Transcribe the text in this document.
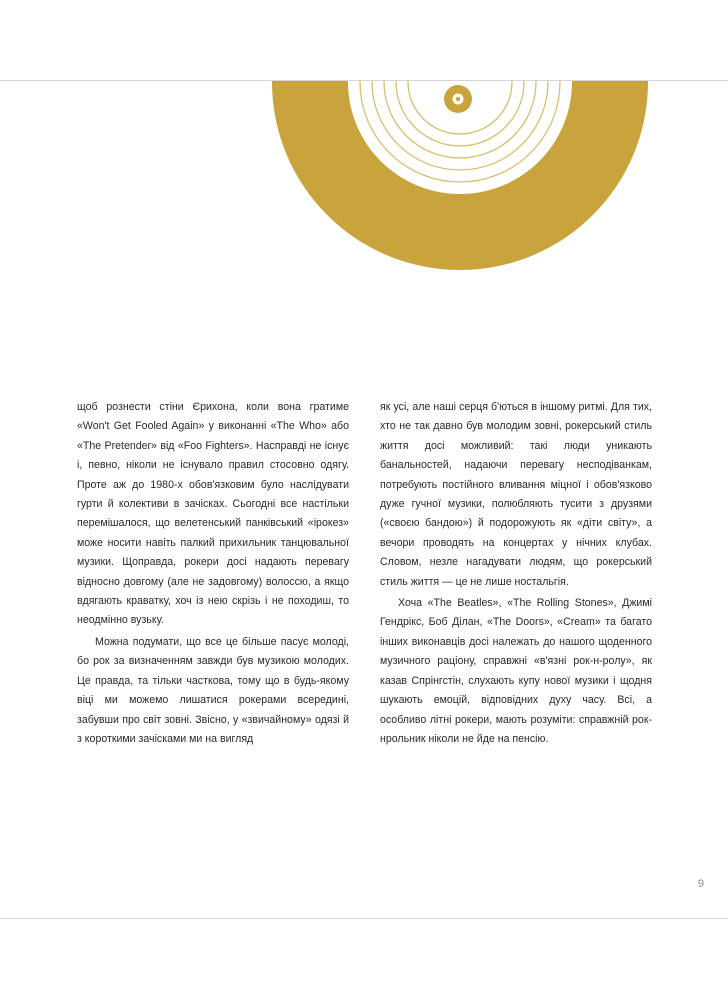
щоб рознести стіни Єрихона, коли вона гратиме «Won't Get Fooled Again» у виконанні «The Who» або «The Pretender» від «Foo Fighters». Насправді не існує і, певно, ніколи не існувало правил стосовно одягу. Проте аж до 1980-х обов'язковим було наслідувати гурти й колективи в зачісках. Сьогодні все настільки перемішалося, що велетенський панківський «ірокез» може носити навіть палкий прихильник танцювальної музики. Щоправда, рокери досі надають перевагу відносно довгому (але не задовгому) волоссю, а якщо вдягають краватку, хоч із нею скрізь і не походиш, то неодмінно вузьку.

Можна подумати, що все це більше пасує молоді, бо рок за визначенням завжди був музикою молодих. Це правда, та тільки часткова, тому що в будь-якому віці ми можемо лишатися рокерами всередині, забувши про світ зовні. Звісно, у «звичайному» одязі й з короткими зачісками ми на вигляд

як усі, але наші серця б'ються в іншому ритмі. Для тих, хто не так давно був молодим зовні, рокерський стиль життя досі можливий: такі люди уникають банальностей, надаючи перевагу несподіванкам, потребують постійного вливання міцної і обов'язково дуже гучної музики, полюбляють тусити з друзями («своєю бандою») й подорожують як «діти світу», а вечори проводять на концертах у нічних клубах. Словом, незле нагадувати людям, що рокерський стиль життя — це не лише ностальгія.

Хоча «The Beatles», «The Rolling Stones», Джимі Гендрікс, Боб Ділан, «The Doors», «Cream» та багато інших виконавців досі належать до нашого щоденного музичного раціону, справжні «в'язні рок-н-ролу», як казав Спрінгстін, слухають купу нової музики і щодня шукають емоцій, відповідних духу часу. Всі, а особливо літні рокери, мають розуміти: справжній рок-нрольник ніколи не йде на пенсію.

9
